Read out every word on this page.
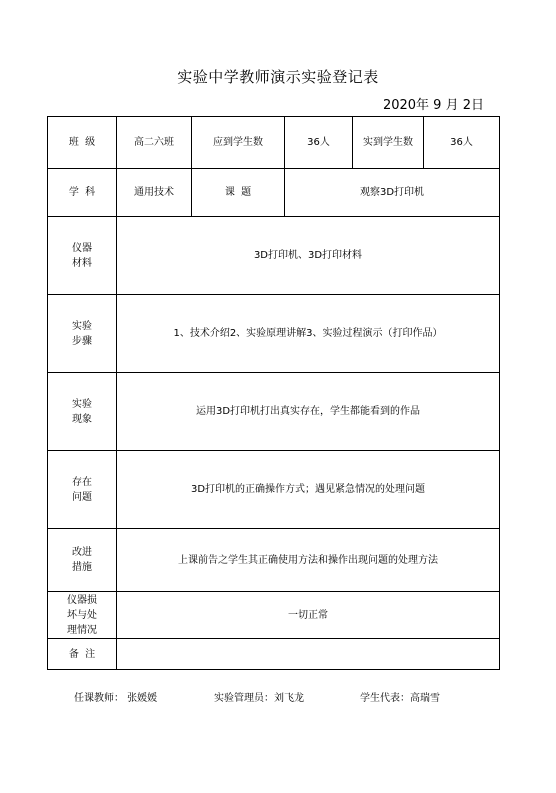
实验中学教师演示实验登记表
2020年 9 月 2日
班  级	高二六班	应到学生数	36人	实到学生数	36人
学  科	通用技术	课  题	观察3D打印机		
仪器
材料	3D打印机、3D打印材料				
实验
步骤	1、技术介绍2、实验原理讲解3、实验过程演示（打印作品）				
实验
现象	运用3D打印机打出真实存在，学生都能看到的作品				
存在
问题	3D打印机的正确操作方式；遇见紧急情况的处理问题				
改进
措施	上课前告之学生其正确使用方法和操作出现问题的处理方法				
仪器损
坏与处
理情况	一切正常				
备  注					
任课教师： 张媛媛	实验管理员：刘飞龙	学生代表：高瑞雪
